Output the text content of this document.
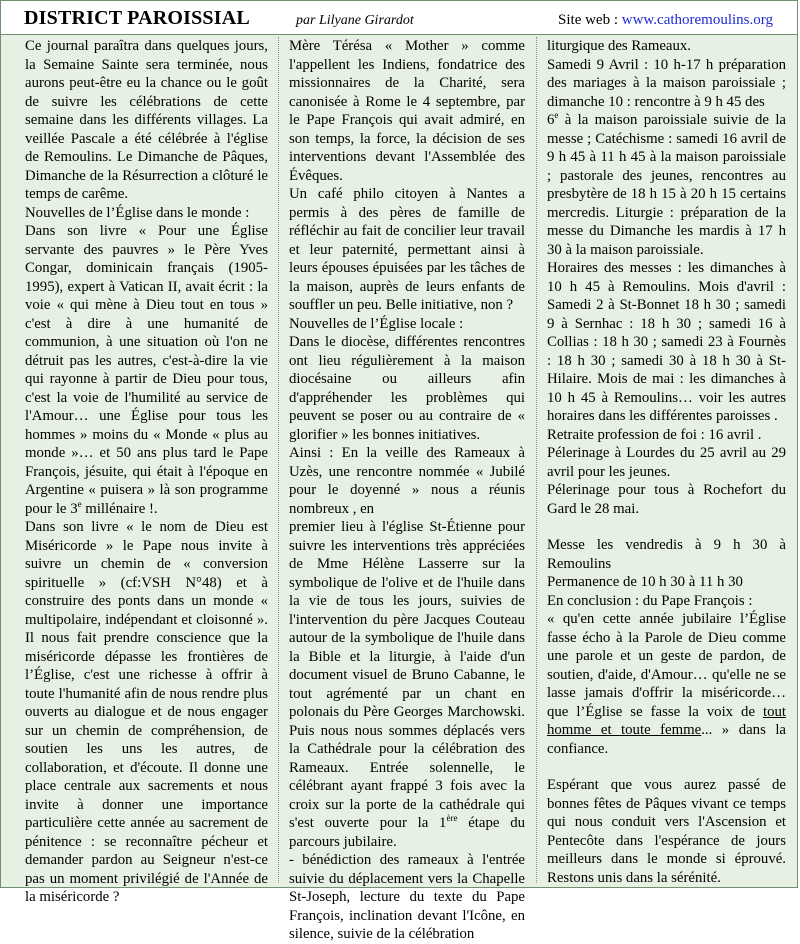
DISTRICT PAROISSIAL	par Lilyane Girardot	Site web : www.cathoremoulins.org

Ce journal paraîtra dans quelques jours, la Semaine Sainte sera terminée, nous aurons peut-être eu la chance ou le goût de suivre les célébrations de cette semaine dans les différents villages. La veillée Pascale a été célébrée à l'église de Remoulins. Le Dimanche de Pâques, Dimanche de la Résurrection a clôturé le temps de carême.

Nouvelles de l’Église dans le monde :

Dans son livre « Pour une Église servante des pauvres » le Père Yves Congar, dominicain français (1905-1995), expert à Vatican II, avait écrit : la voie « qui mène à Dieu tout en tous » c'est à dire à une humanité de communion, à une situation où l'on ne détruit pas les autres, c'est-à-dire la vie qui rayonne à partir de Dieu pour tous, c'est la voie de l'humilité au service de l'Amour… une Église pour tous les hommes » moins du « Monde « plus au monde »… et 50 ans plus tard le Pape François, jésuite, qui était à l'époque en Argentine « puisera » là son programme pour le 3e millénaire !.

Dans son livre « le nom de Dieu est Miséricorde » le Pape nous invite à suivre un chemin de « conversion spirituelle » (cf:VSH N°48) et à construire des ponts dans un monde « multipolaire, indépendant et cloisonné ». Il nous fait prendre conscience que la miséricorde dépasse les frontières de l’Église, c'est une richesse à offrir à toute l'humanité afin de nous rendre plus ouverts au dialogue et de nous engager sur un chemin de compréhension, de soutien les uns les autres, de collaboration, et d'écoute. Il donne une place centrale aux sacrements et nous invite à donner une importance particulière cette année au sacrement de pénitence : se reconnaître pécheur et demander pardon au Seigneur n'est-ce pas un moment privilégié de l'Année de la miséricorde ?

Mère Térésa « Mother » comme l'appellent les Indiens, fondatrice des missionnaires de la Charité, sera canonisée à Rome le 4 septembre, par le Pape François qui avait admiré, en son temps, la force, la décision de ses interventions devant l'Assemblée des Évêques.

Un café philo citoyen à Nantes a permis à des pères de famille de réfléchir au fait de concilier leur travail et leur paternité, permettant ainsi à leurs épouses épuisées par les tâches de la maison, auprès de leurs enfants de souffler un peu. Belle initiative, non ?

Nouvelles de l’Église locale :

Dans le diocèse, différentes rencontres ont lieu régulièrement à la maison diocésaine ou ailleurs afin d'appréhender les problèmes qui peuvent se poser ou au contraire de « glorifier » les bonnes initiatives.

Ainsi : En la veille des Rameaux à Uzès, une rencontre nommée « Jubilé pour le doyenné » nous a réunis nombreux , en

premier lieu à l'église St-Étienne pour suivre les interventions très appréciées de Mme Hélène Lasserre sur la symbolique de l'olive et de l'huile dans la vie de tous les jours, suivies de l'intervention du père Jacques Couteau autour de la symbolique de l'huile dans la Bible et la liturgie, à l'aide d'un document visuel de Bruno Cabanne, le tout agrémenté par un chant en polonais du Père Georges Marchowski. Puis nous nous sommes déplacés vers la Cathédrale pour la célébration des Rameaux. Entrée solennelle, le célébrant ayant frappé 3 fois avec la croix sur la porte de la cathédrale qui s'est ouverte pour la 1ère étape du parcours jubilaire.

- bénédiction des rameaux à l'entrée suivie du déplacement vers la Chapelle St-Joseph, lecture du texte du Pape François, inclination devant l'Icône, en silence, suivie de la célébration

liturgique des Rameaux.

Samedi 9 Avril : 10 h-17 h préparation des mariages à la maison paroissiale ; dimanche 10 : rencontre à 9 h 45 des

6e à la maison paroissiale suivie de la messe ; Catéchisme : samedi 16 avril de 9 h 45 à 11 h 45 à la maison paroissiale ; pastorale des jeunes, rencontres au presbytère de 18 h 15 à 20 h 15 certains mercredis. Liturgie : préparation de la messe du Dimanche les mardis à 17 h 30 à la maison paroissiale.

Horaires des messes : les dimanches à 10 h 45 à Remoulins. Mois d'avril : Samedi 2 à St-Bonnet 18 h 30 ; samedi 9 à Sernhac : 18 h 30 ; samedi 16 à Collias : 18 h 30 ; samedi 23 à Fournès : 18 h 30 ; samedi 30 à 18 h 30 à St-Hilaire. Mois de mai : les dimanches à 10 h 45 à Remoulins… voir les autres horaires dans les différentes paroisses .

Retraite profession de foi : 16 avril .

Pélerinage à Lourdes du 25 avril au 29 avril pour les jeunes.

Pélerinage pour tous à Rochefort du Gard le 28 mai.

Messe les vendredis à 9 h 30 à Remoulins

Permanence de 10 h 30 à 11 h 30

En conclusion : du Pape François :

« qu'en cette année jubilaire l’Église fasse écho à la Parole de Dieu comme une parole et un geste de pardon, de soutien, d'aide, d'Amour… qu'elle ne se lasse jamais d'offrir la miséricorde… que l’Église se fasse la voix de tout homme et toute femme... » dans la confiance.

Espérant que vous aurez passé de bonnes fêtes de Pâques vivant ce temps qui nous conduit vers l'Ascension et Pentecôte dans l'espérance de jours meilleurs dans le monde si éprouvé. Restons unis dans la sérénité.
